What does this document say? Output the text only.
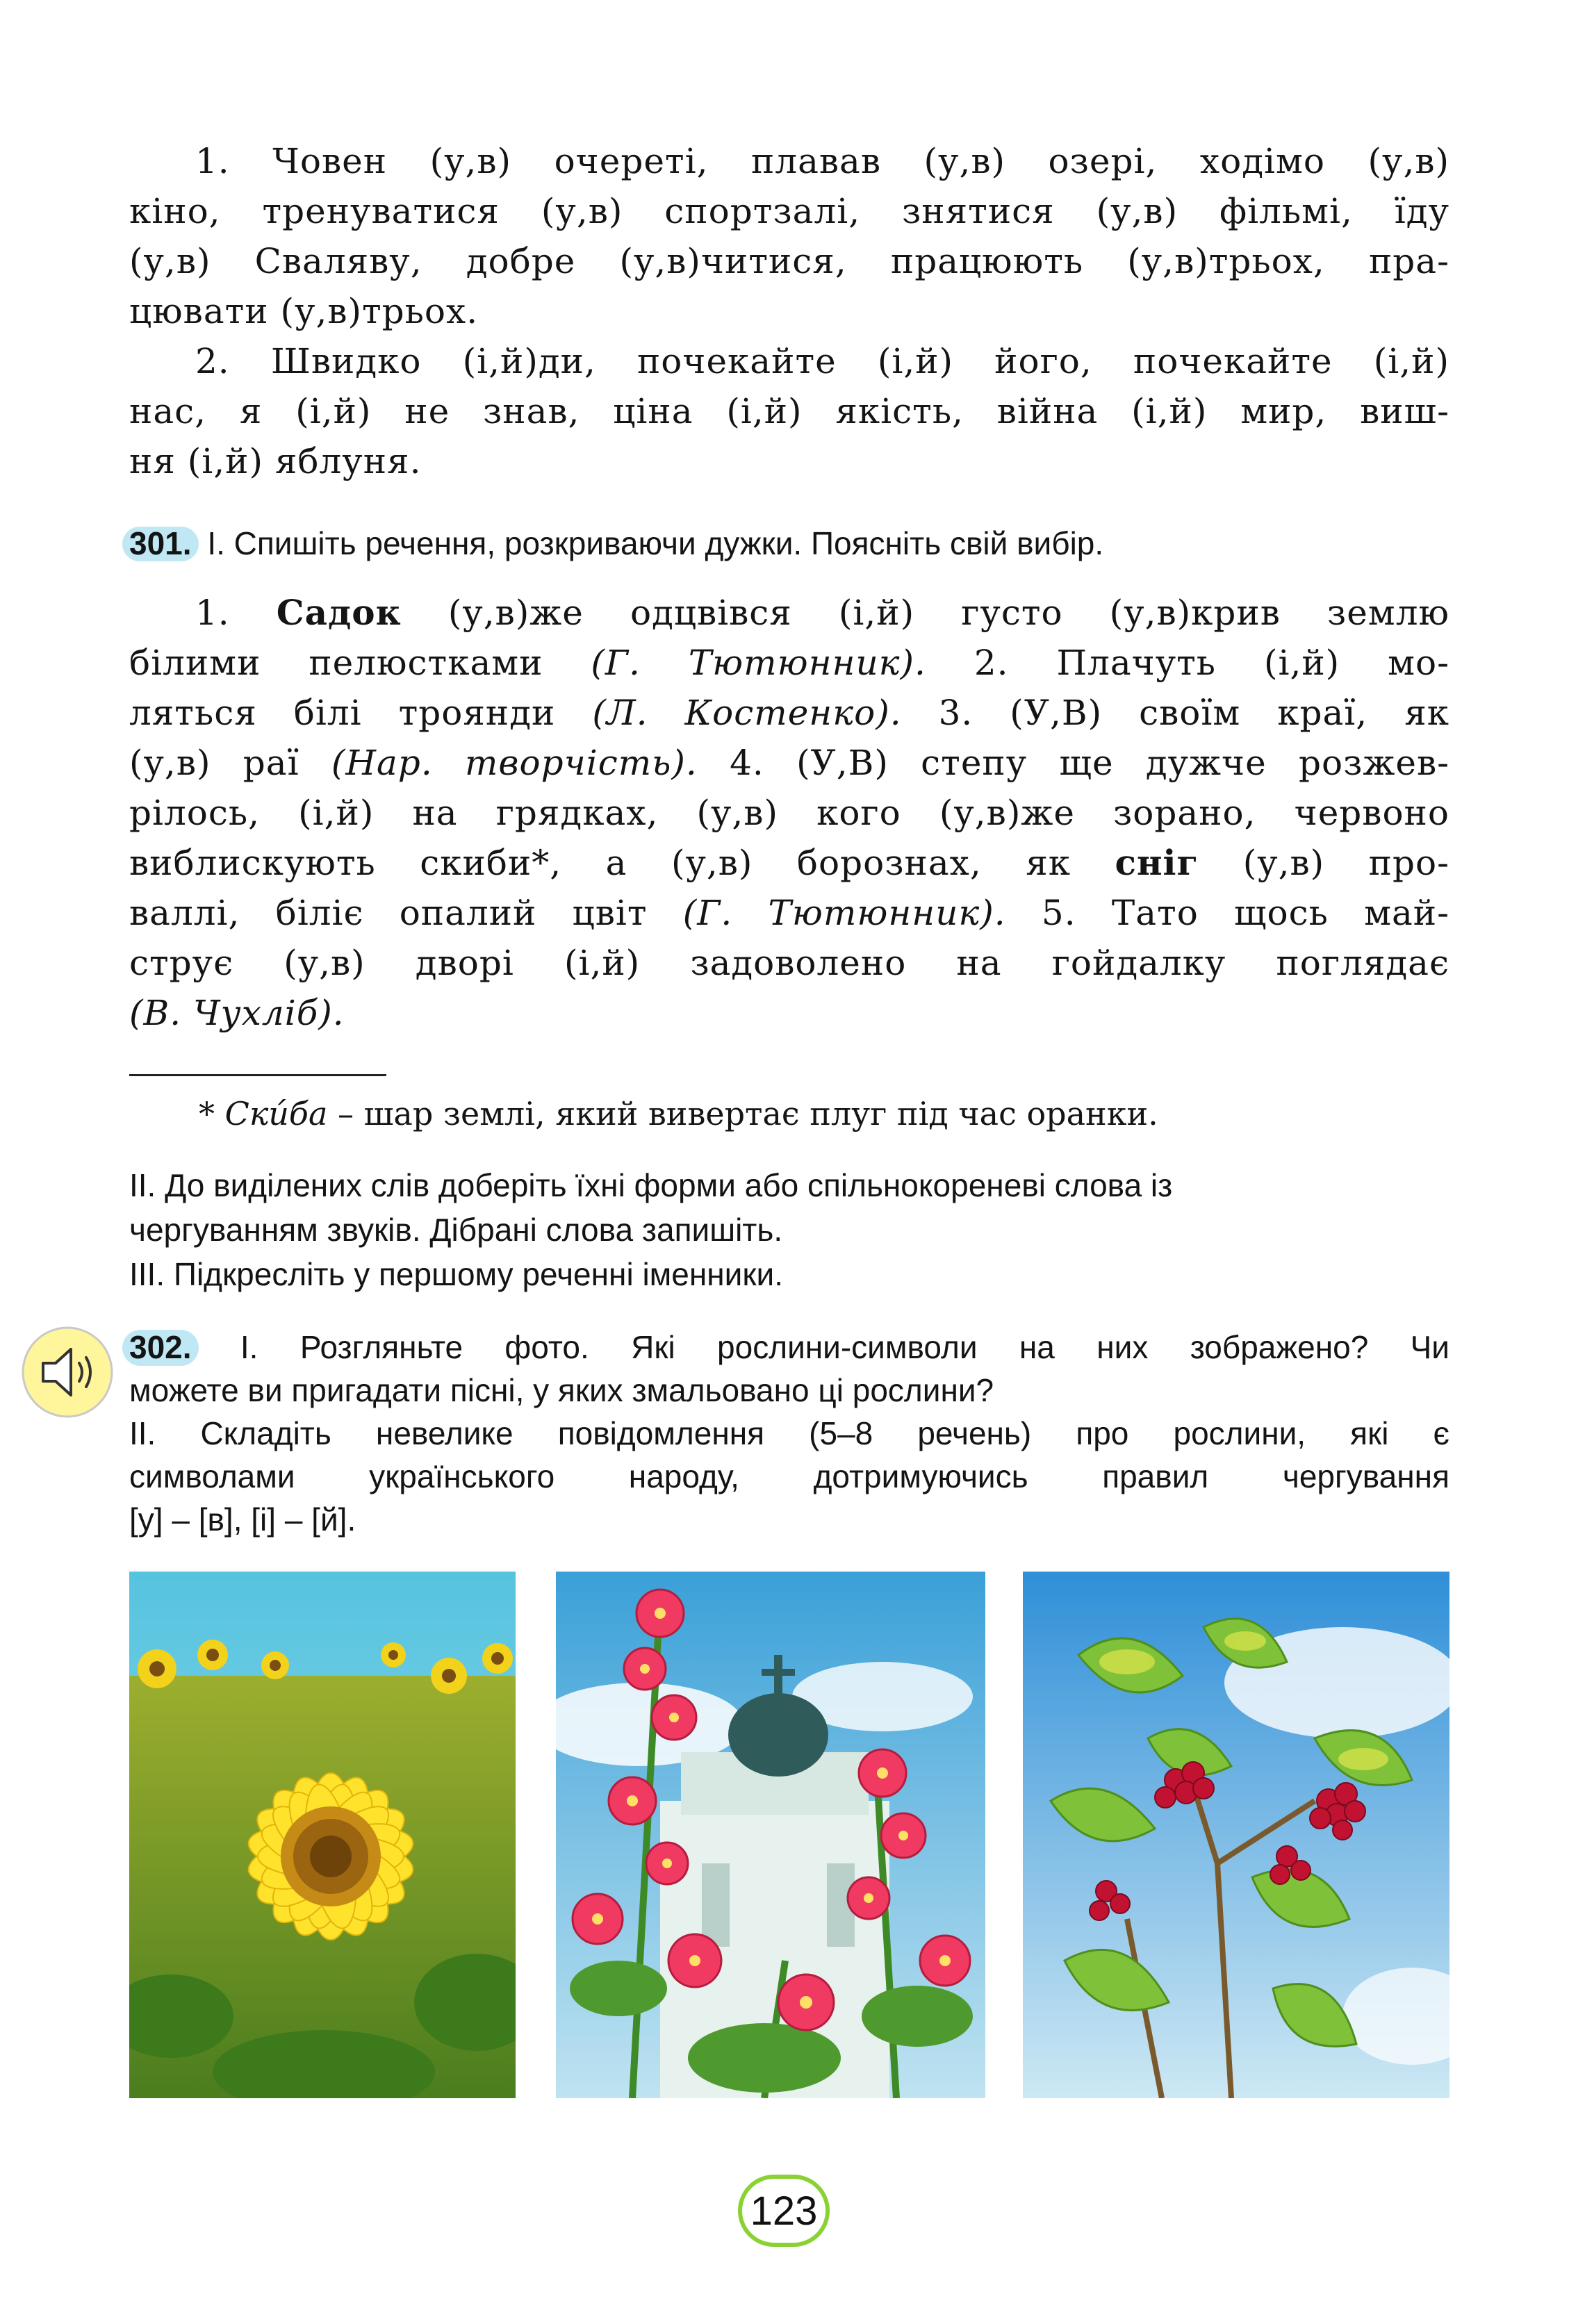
1. Човен (у,в) очереті, плавав (у,в) озері, ходімо (у,в)
кіно, тренуватися (у,в) спортзалі, знятися (у,в) фільмі, їду
(у,в) Сваляву, добре (у,в)читися, працюють (у,в)трьох, пра-
цювати (у,в)трьох.
2. Швидко (і,й)ди, почекайте (і,й) його, почекайте (і,й)
нас, я (і,й) не знав, ціна (і,й) якість, війна (і,й) мир, виш-
ня (і,й) яблуня.
301. І. Спишіть речення, розкриваючи дужки. Поясніть свій вибір.
1. Садок (у,в)же одцвівся (і,й) густо (у,в)крив землю
білими пелюстками (Г. Тютюнник). 2. Плачуть (і,й) мо-
ляться білі троянди (Л. Костенко). 3. (У,В) своїм краї, як
(у,в) раї (Нар. творчість). 4. (У,В) степу ще дужче розжев-
рілось, (і,й) на грядках, (у,в) кого (у,в)же зорано, червоно
виблискують скиби*, а (у,в) борознах, як сніг (у,в) про-
валлі, біліє опалий цвіт (Г. Тютюнник). 5. Тато щось май-
струє (у,в) дворі (і,й) задоволено на гойдалку поглядає
(В. Чухліб).
* Скúба – шар землі, який вивертає плуг під час оранки.
ІІ. До виділених слів доберіть їхні форми або спільнокореневі слова із
чергуванням звуків. Дібрані слова запишіть.
ІІІ. Підкресліть у першому реченні іменники.
302. І. Розгляньте фото. Які рослини-символи на них зображено? Чи
можете ви пригадати пісні, у яких змальовано ці рослини?
ІІ. Складіть невелике повідомлення (5–8 речень) про рослини, які є
символами українського народу, дотримуючись правил чергування
[у] – [в], [і] – [й].
123
